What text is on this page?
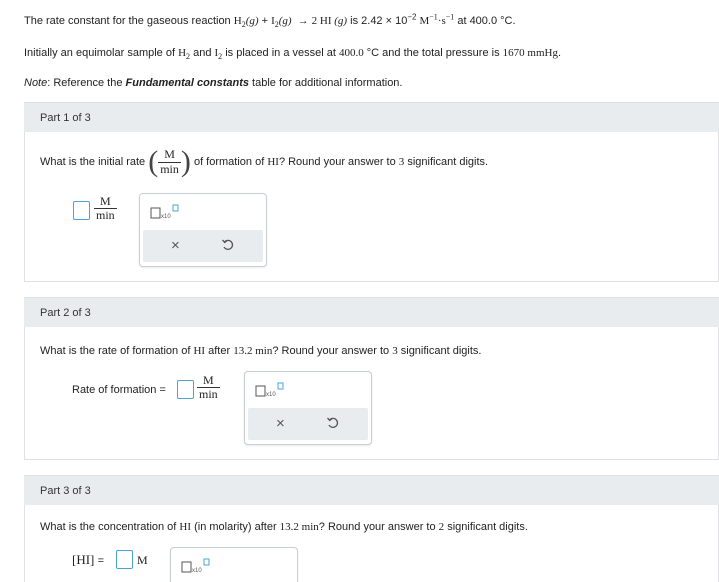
The rate constant for the gaseous reaction $H_2(g) + I_2(g) \to 2$ HI (g) is $2.42 \times 10^{-2}$ $M^{-1}\cdot s^{-1}$ at 400.0 °C.
Initially an equimolar sample of $H_2$ and $I_2$ is placed in a vessel at 400.0 °C and the total pressure is 1670 mmHg.
Note: Reference the Fundamental constants table for additional information.
Part 1 of 3
What is the initial rate ( $\frac{M}{\min}$ ) of formation of HI? Round your answer to 3 significant digits.
M
min	x10
×
Part 2 of 3
What is the rate of formation of HI after 13.2 min? Round your answer to 3 significant digits.
Rate of formation =
M
min	x10
×
Part 3 of 3
What is the concentration of HI (in molarity) after 13.2 min? Round your answer to 2 significant digits.
[HI] =	M
x10
